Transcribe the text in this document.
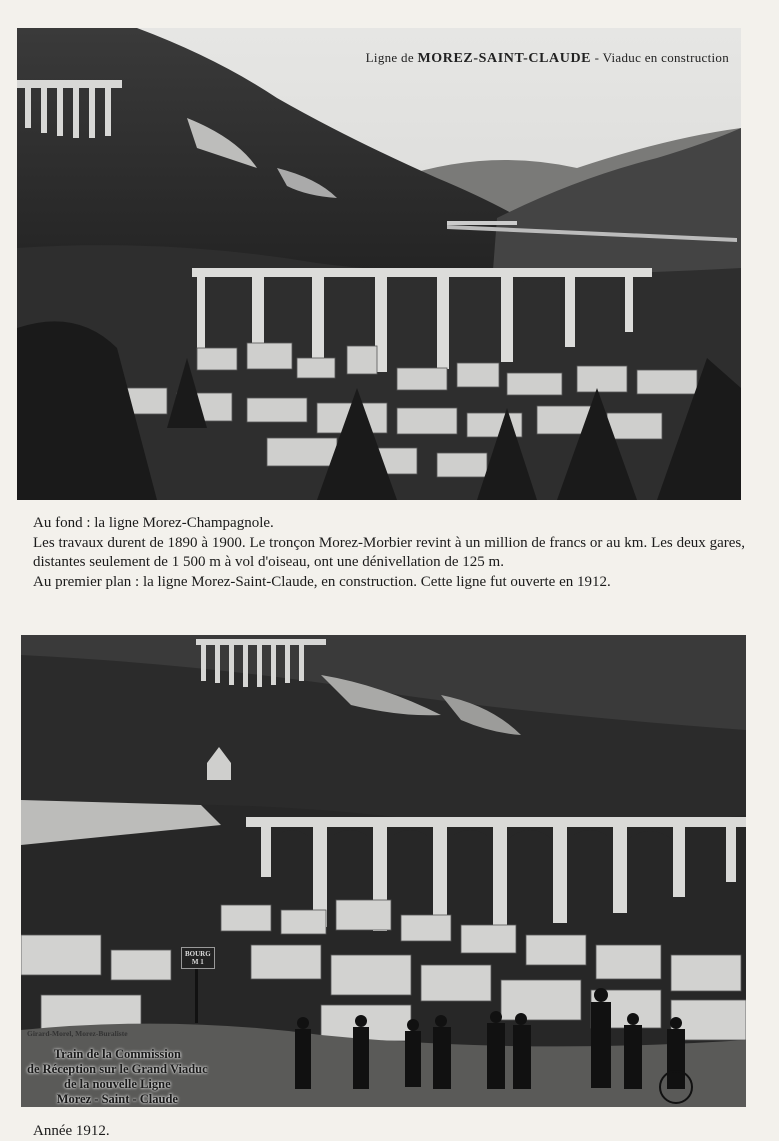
Ligne de MOREZ-SAINT-CLAUDE - Viaduc en construction

Au fond : la ligne Morez-Champagnole.

Les travaux durent de 1890 à 1900. Le tronçon Morez-Morbier revint à un million de francs or au km. Les deux gares, distantes seulement de 1 500 m à vol d'oiseau, ont une dénivellation de 125 m.

Au premier plan : la ligne Morez-Saint-Claude, en construction. Cette ligne fut ouverte en 1912.

Girard-Morel, Morez-Buraliste
BOURG
M 1
Train de la Commission
de Réception sur le Grand Viaduc
de la nouvelle Ligne
Morez - Saint - Claude
Année 1912.
